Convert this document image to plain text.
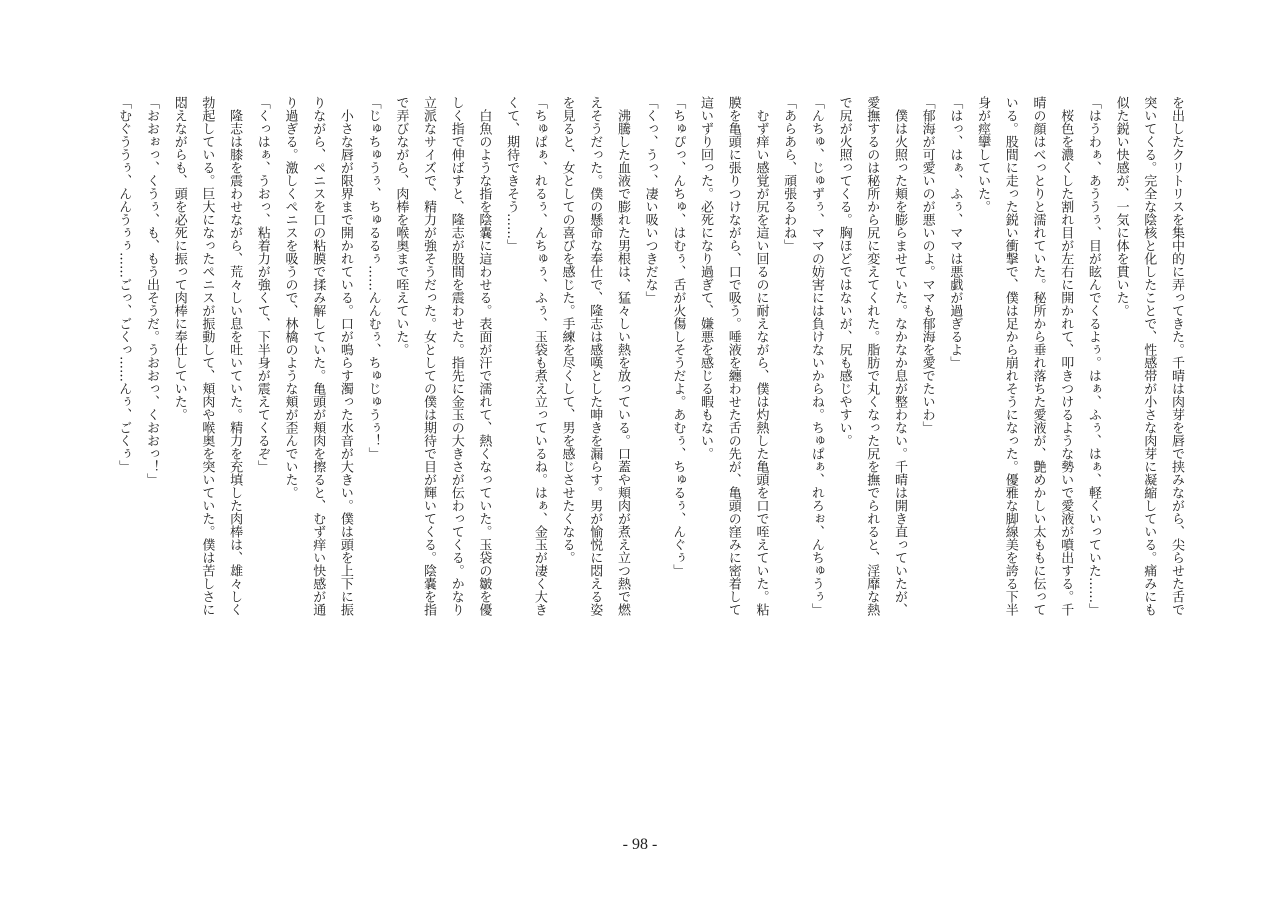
を出したクリトリスを集中的に弄ってきた。千晴は肉芽を唇で挟みながら、尖らせた舌で
突いてくる。完全な陰核と化したことで、性感帯が小さな肉芽に凝縮している。痛みにも
似た鋭い快感が、一気に体を貫いた。
「はうわぁ、あううぅ、目が眩んでくるよぅ。はぁ、ふぅ、はぁ、軽くいっていた……」
　桜色を濃くした割れ目が左右に開かれて、叩きつけるような勢いで愛液が噴出する。千
晴の顔はべっとりと濡れていた。秘所から垂れ落ちた愛液が、艶めかしい太ももに伝って
いる。股間に走った鋭い衝撃で、僕は足から崩れそうになった。優雅な脚線美を誇る下半
身が痙攣していた。
「はっ、はぁ、ふぅ、ママは悪戯が過ぎるよ」
「郁海が可愛いのが悪いのよ。ママも郁海を愛でたいわ」
　僕は火照った頬を膨らませていた。なかなか息が整わない。千晴は開き直っていたが、
愛撫するのは秘所から尻に変えてくれた。脂肪で丸くなった尻を撫でられると、淫靡な熱
で尻が火照ってくる。胸ほどではないが、尻も感じやすい。
「んちゅ、じゅずぅ、ママの妨害には負けないからね。ちゅぱぁ、れろぉ、んちゅうぅ」
「あらあら、頑張るわね」
　むず痒い感覚が尻を這い回るのに耐えながら、僕は灼熱した亀頭を口で咥えていた。粘
膜を亀頭に張りつけながら、口で吸う。唾液を纏わせた舌の先が、亀頭の窪みに密着して
這いずり回った。必死になり過ぎて、嫌悪を感じる暇もない。
「ちゅぴっ、んちゅ、はむぅ、舌が火傷しそうだよ。あむぅ、ちゅるぅ、んぐぅ」
「くっ、うっ、凄い吸いつきだな」
　沸騰した血液で膨れた男根は、猛々しい熱を放っている。口蓋や頬肉が煮え立つ熱で燃
えそうだった。僕の懸命な奉仕で、隆志は感嘆とした呻きを漏らす。男が愉悦に悶える姿
を見ると、女としての喜びを感じた。手練を尽くして、男を感じさせたくなる。
「ちゅぱぁ、れるぅ、んちゅぅ、ふぅ、玉袋も煮え立っているね。はぁ、金玉が凄く大き
くて、期待できそう……」
　白魚のような指を陰嚢に這わせる。表面が汗で濡れて、熱くなっていた。玉袋の皺を優
しく指で伸ばすと、隆志が股間を震わせた。指先に金玉の大きさが伝わってくる。かなり
立派なサイズで、精力が強そうだった。女としての僕は期待で目が輝いてくる。陰嚢を指
で弄びながら、肉棒を喉奥まで咥えていた。
「じゅちゅうぅ、ちゅるるぅ……んんむぅ、ちゅじゅうぅ！」
　小さな唇が限界まで開かれている。口が鳴らす濁った水音が大きい。僕は頭を上下に振
りながら、ペニスを口の粘膜で揉み解していた。亀頭が頬肉を擦ると、むず痒い快感が通
り過ぎる。激しくペニスを吸うので、林檎のような頬が歪んでいた。
「くっはぁ、うおっ、粘着力が強くて、下半身が震えてくるぞ」
　隆志は膝を震わせながら、荒々しい息を吐いていた。精力を充填した肉棒は、雄々しく
勃起している。巨大になったペニスが振動して、頬肉や喉奥を突いていた。僕は苦しさに
悶えながらも、頭を必死に振って肉棒に奉仕していた。
「おおぉっ、くうぅ、も、もう出そうだ。うおおっ、くおおっ！」
「むぐううぅ、んんうぅぅ……ごっ、ごくっ……んぅ、ごくぅ」
- 98 -
